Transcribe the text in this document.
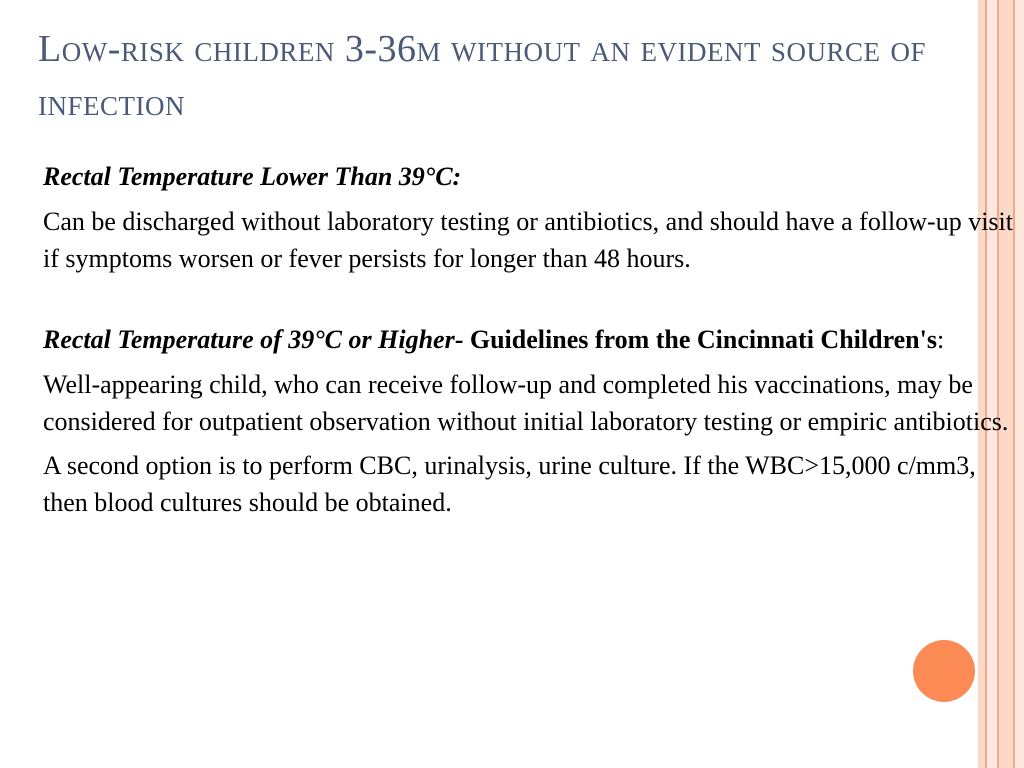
Low-risk children 3-36m without an evident source of infection
Rectal Temperature Lower Than 39°C:
Can be discharged without laboratory testing or antibiotics, and should have a follow-up visit if symptoms worsen or fever persists for longer than 48 hours.
Rectal Temperature of 39°C or Higher- Guidelines from the Cincinnati Children's:
Well-appearing child, who can receive follow-up and completed his vaccinations, may be considered for outpatient observation without initial laboratory testing or empiric antibiotics.
A second option is to perform CBC, urinalysis, urine culture. If the WBC>15,000 c/mm3, then blood cultures should be obtained.
